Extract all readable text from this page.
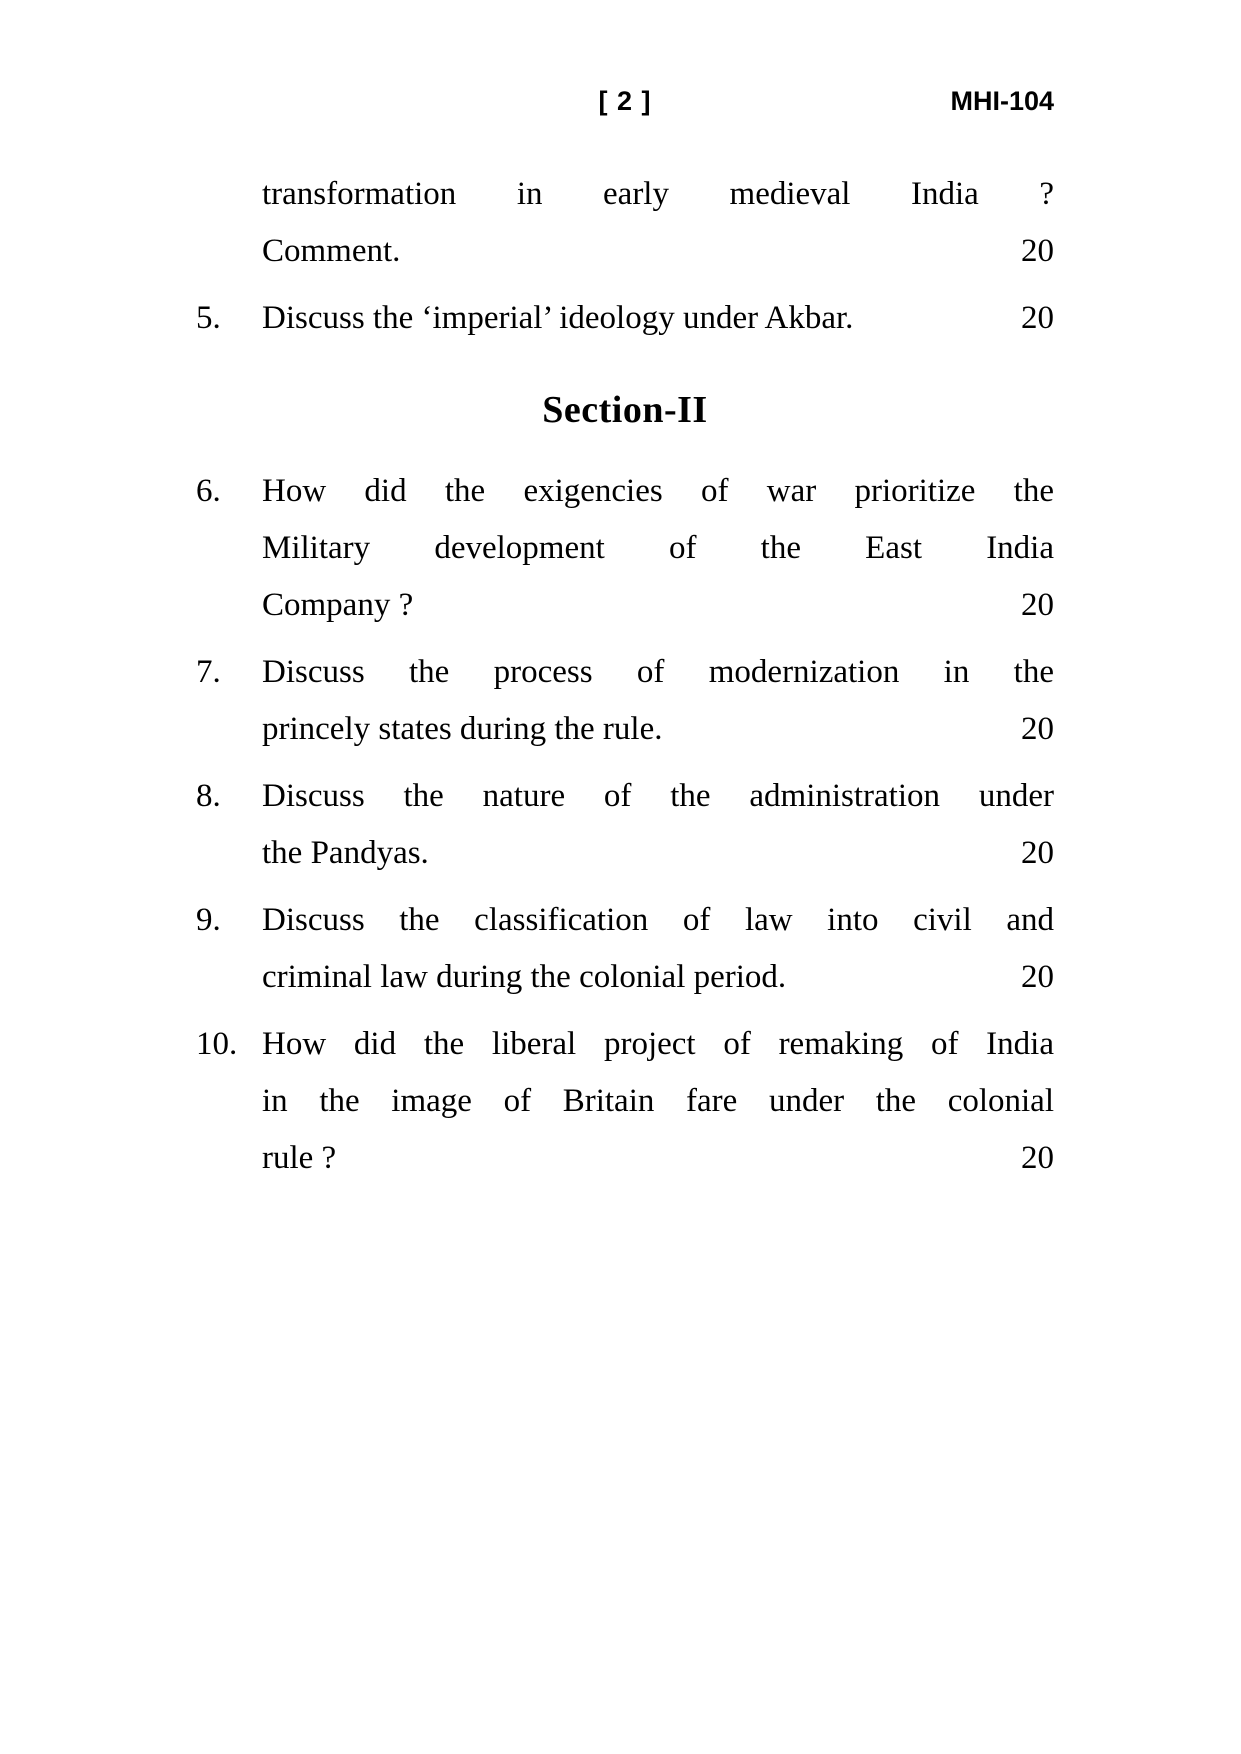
[ 2 ]	MHI-104
transformation in early medieval India ?
Comment.	20
5.	Discuss the ‘imperial’ ideology under Akbar.	20
Section-II
6.	How did the exigencies of war prioritize the
Military development of the East India
Company ?	20
7.	Discuss the process of modernization in the
princely states during the rule.	20
8.	Discuss the nature of the administration under
the Pandyas.	20
9.	Discuss the classification of law into civil and
criminal law during the colonial period.	20
10. How did the liberal project of remaking of India
in the image of Britain fare under the colonial
rule ?	20
